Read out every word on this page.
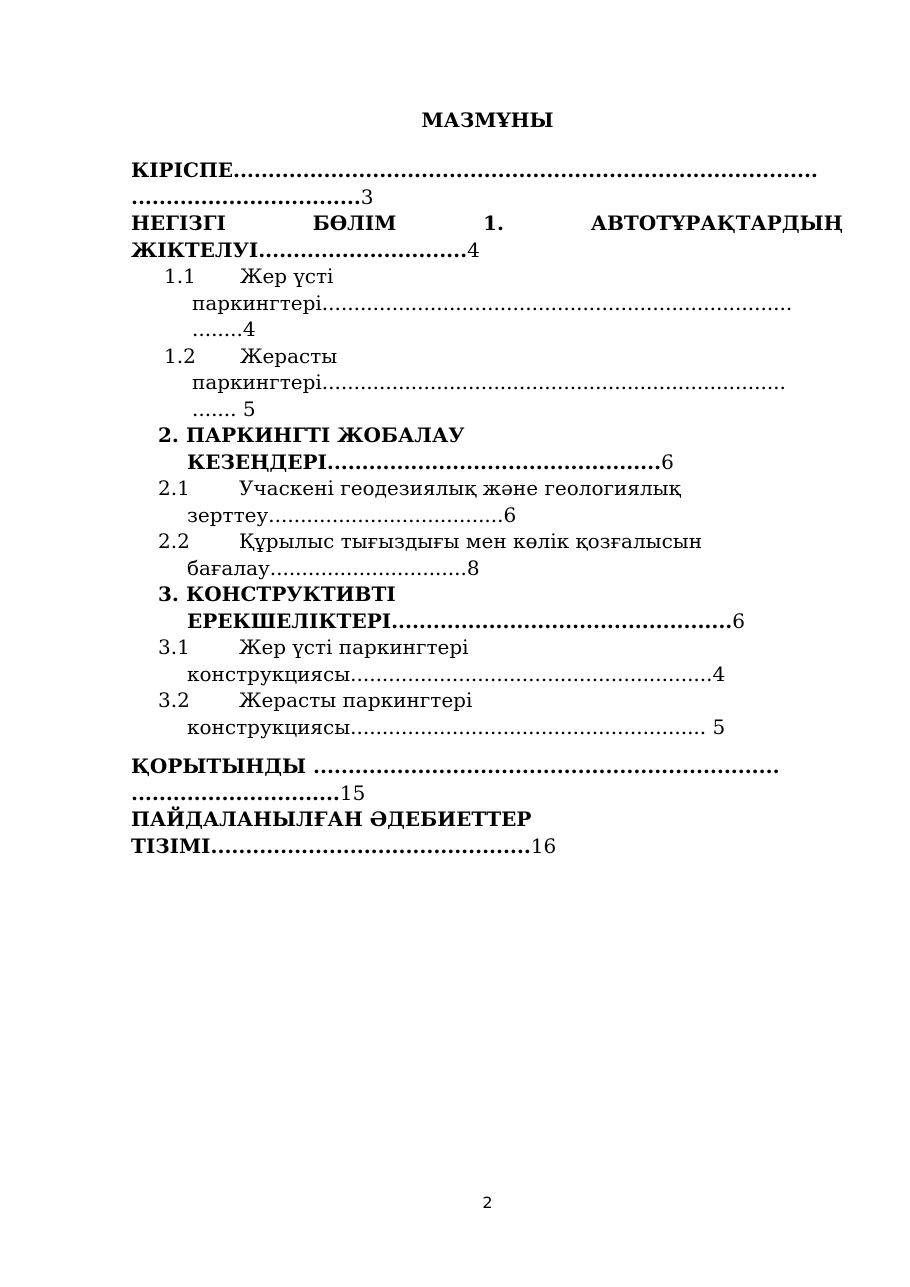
МАЗМҰНЫ
КІРІСПЕ....................................................................................
.................................3
НЕГІЗГІ	БӨЛІМ	1.	АВТОТҰРАҚТАРДЫҢ
ЖІКТЕЛУІ..............................4
1.1 Жер үсті
паркингтері..........................................................................
........4
1.2 Жерасты
паркингтері.........................................................................
....... 5
2. ПАРКИНГТІ ЖОБАЛАУ
КЕЗЕҢДЕРІ................................................6
2.1 Учаскені геодезиялық және геологиялық
зерттеу.....................................6
2.2 Құрылыс тығыздығы мен көлік қозғалысын
бағалау...............................8
3. КОНСТРУКТИВТІ
ЕРЕКШЕЛІКТЕРІ.................................................6
3.1 Жер үсті паркингтері
конструкциясы.........................................................4
3.2 Жерасты паркингтері
конструкциясы........................................................ 5
ҚОРЫТЫНДЫ ...................................................................
..............................15
ПАЙДАЛАНЫЛҒАН ӘДЕБИЕТТЕР
ТІЗІМІ..............................................16
2
